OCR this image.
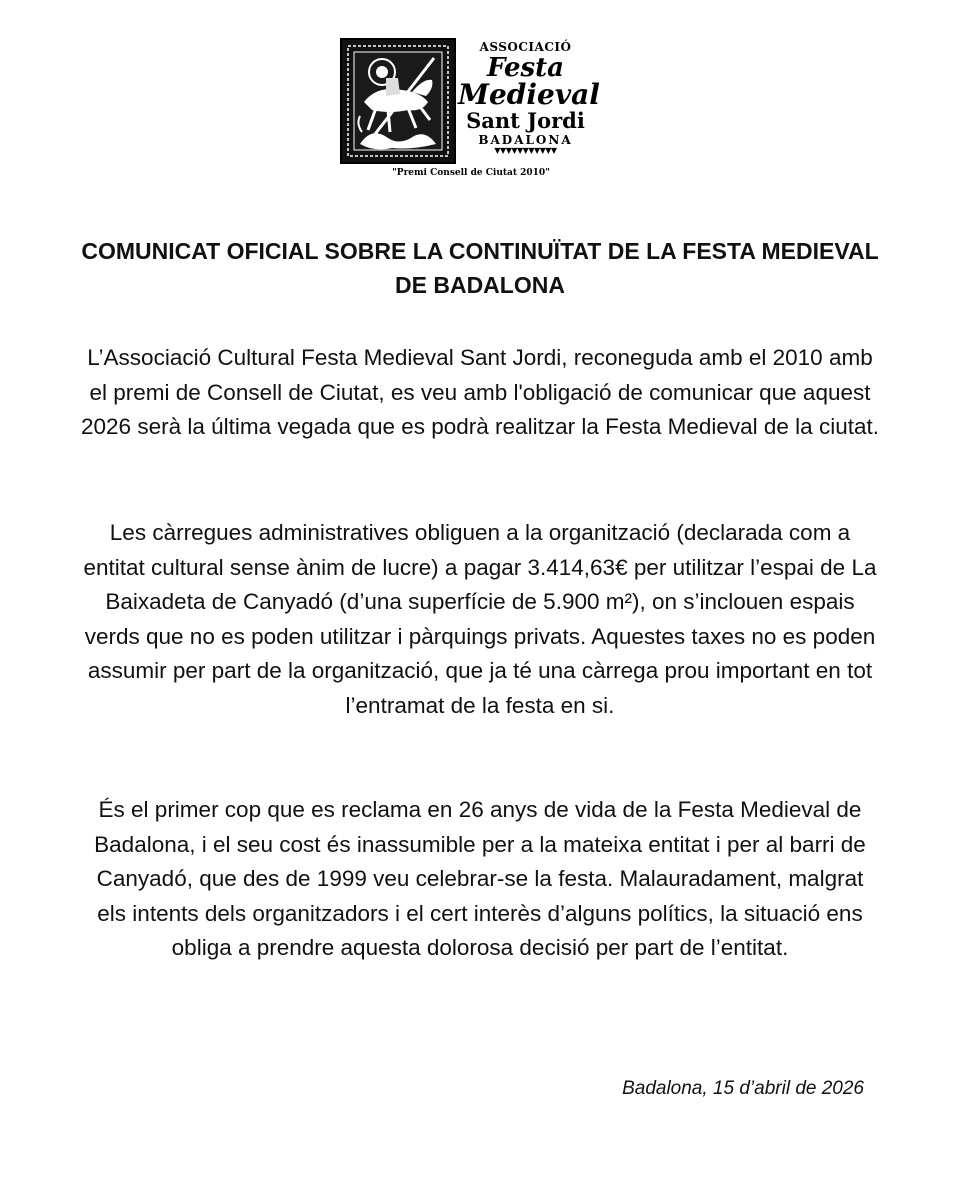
ASSOCIACIÓ
Festa
Medieval
Sant Jordi
BADALONA
▼▼▼▼▼▼▼▼▼▼▼
"Premi Consell de Ciutat 2010"
COMUNICAT OFICIAL SOBRE LA CONTINUÏTAT DE LA FESTA MEDIEVAL DE BADALONA

L’Associació Cultural Festa Medieval Sant Jordi, reconeguda amb el 2010 amb el premi de Consell de Ciutat, es veu amb l'obligació de comunicar que aquest 2026 serà la última vegada que es podrà realitzar la Festa Medieval de la ciutat.

Les càrregues administratives obliguen a la organització (declarada com a entitat cultural sense ànim de lucre) a pagar 3.414,63€ per utilitzar l’espai de La Baixadeta de Canyadó (d’una superfície de 5.900 m²), on s’inclouen espais verds que no es poden utilitzar i pàrquings privats. Aquestes taxes no es poden assumir per part de la organització, que ja té una càrrega prou important en tot l’entramat de la festa en si.

És el primer cop que es reclama en 26 anys de vida de la Festa Medieval de Badalona, i el seu cost és inassumible per a la mateixa entitat i per al barri de Canyadó, que des de 1999 veu celebrar-se la festa. Malauradament, malgrat els intents dels organitzadors i el cert interès d’alguns polítics, la situació ens obliga a prendre aquesta dolorosa decisió per part de l’entitat.

Badalona, 15 d’abril de 2026
